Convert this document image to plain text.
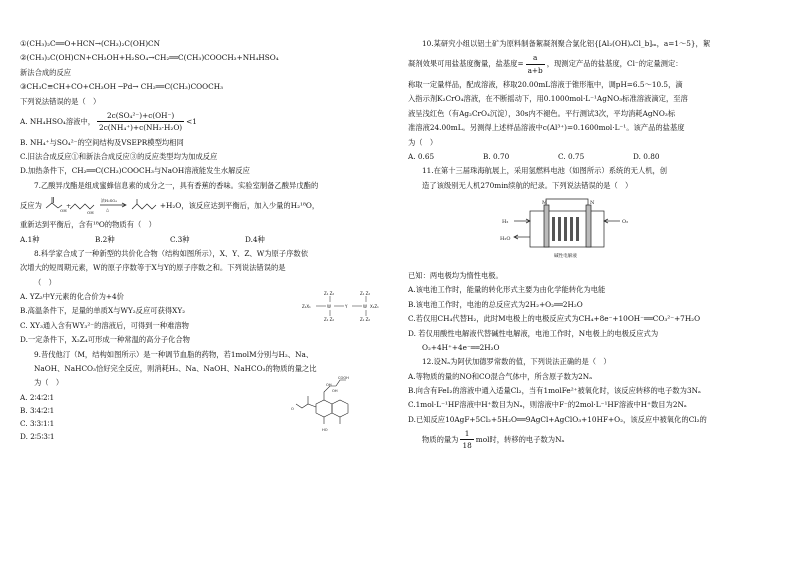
①(CH₃)₂C══O+HCN→(CH₃)₂C(OH)CN

②(CH₃)₂C(OH)CN+CH₃OH+H₂SO₄→CH₂══C(CH₃)COOCH₃+NH₄HSO₄

新法合成的反应

③CH₃C≡CH+CO+CH₃OH ─Pd→ CH₂══C(CH₃)COOCH₃

下列说法错误的是（　）

A. NH₄HSO₄溶液中， $\frac{\text{2c(SO₄²⁻)+c(OH⁻)}}{\text{2c(NH₄⁺)+c(NH₃·H₂O)}} <1$

B. NH₄⁺与SO₄²⁻的空间结构及VSEPR模型均相同

C.旧法合成反应①和新法合成反应③的反应类型均为加成反应

D.加热条件下，CH₂══C(CH₃)COOCH₃与NaOH溶液能发生水解反应

7.乙酸异戊酯是组成蜜蜂信息素的成分之一，具有香蕉的香味。实验室制备乙酸异戊酯的

反应为
OH
+
OH
浓H₂SO₄
△
+H₂O，该反应达到平衡后，加入少量的H₂¹⁸O，

重新达到平衡后，含有¹⁸O的物质有（　）

A.1种	B.2种	C.3种	D.4种

8.科学家合成了一种新型的共价化合物（结构如图所示），X、Y、Z、W为原子序数依

次增大的短周期元素，W的原子序数等于X与Y的原子序数之和。下列说法错误的是

（　）

A. YZ₂中Y元素的化合价为+4价

B.高温条件下，足量的单质X与WY₂反应可获得XY₂

C. XY₃通入含有WY₃²⁻的溶液后，可得到一种难溶物

D.一定条件下，X₂Z₄可形成一种常温的高分子化合物

Z₁ Z₂
Z₁X₁	W	Y	W X₁Z₁
Z₁ Z₂
Z₁ Z₂
Z₁ Z₂

9.昔伐他汀（M，结构如图所示）是一种调节血脂的药物，若1molM分别与H₂、Na、

NaOH、NaHCO₃恰好完全反应，则消耗H₂、Na、NaOH、NaHCO₃的物质的量之比

为（　）

A. 2∶4∶2∶1
B. 3∶4∶2∶1
C. 3∶3∶1∶1
D. 2∶5∶3∶1
COOH
OH
OH
O
HO

10.某研究小组以铝土矿为原料制备絮凝剂聚合氯化铝{[Al₂(OH)ₐCl_b]ₘ，a=1～5}，絮

凝剂效果可用盐基度衡量，盐基度= $\frac{a}{a+b}$ ，现测定产品的盐基度，Cl⁻的定量测定：

称取一定量样品，配成溶液，移取20.00mL溶液于锥形瓶中，调pH=6.5～10.5，滴

入指示剂K₂CrO₄溶液，在不断摇动下，用0.1000mol·L⁻¹AgNO₃标准溶液滴定，至溶

液呈浅红色（有Ag₂CrO₄沉淀），30s内不褪色。平行测试3次，平均消耗AgNO₃标

准溶液24.00mL。另测得上述样品溶液中c(Al³⁺)=0.1600mol·L⁻¹。该产品的盐基度

为（　）

A. 0.65	B. 0.70	C. 0.75	D. 0.80

11.在第十三届珠海航展上，采用氢燃料电池（如图所示）系统的无人机，创

造了该级别无人机270min续航的纪录。下列说法错误的是（　）

M	N
H₂	O₂
H₂O
碱性电解液

已知：两电极均为惰性电极。

A.该电池工作时，能量的转化形式主要为由化学能转化为电能

B.该电池工作时，电池的总反应式为2H₂+O₂══2H₂O

C.若仅用CH₄代替H₂，此时M电极上的电极反应式为CH₄+8e⁻+10OH⁻══CO₃²⁻+7H₂O

D. 若仅用酸性电解液代替碱性电解液，电池工作时，N电极上的电极反应式为

O₂+4H⁺+4e⁻══2H₂O

12.设Nₐ为阿伏加德罗常数的值，下列说法正确的是（　）

A.等物质的量的NO和CO混合气体中，所含原子数为2Nₐ

B.向含有FeI₂的溶液中通入适量Cl₂，当有1molFe²⁺被氧化时，该反应转移的电子数为3Nₐ

C.1mol·L⁻¹HF溶液中H⁺数目为Nₐ，则溶液中F⁻的2mol·L⁻¹HF溶液中H⁺数目为2Nₐ

D.已知反应10AgF+5Cl₂+5H₂O══9AgCl+AgClO₃+10HF+O₂，该反应中被氧化的Cl₂的

物质的量为 $\frac{1}{18}$ mol时，转移的电子数为Nₐ
